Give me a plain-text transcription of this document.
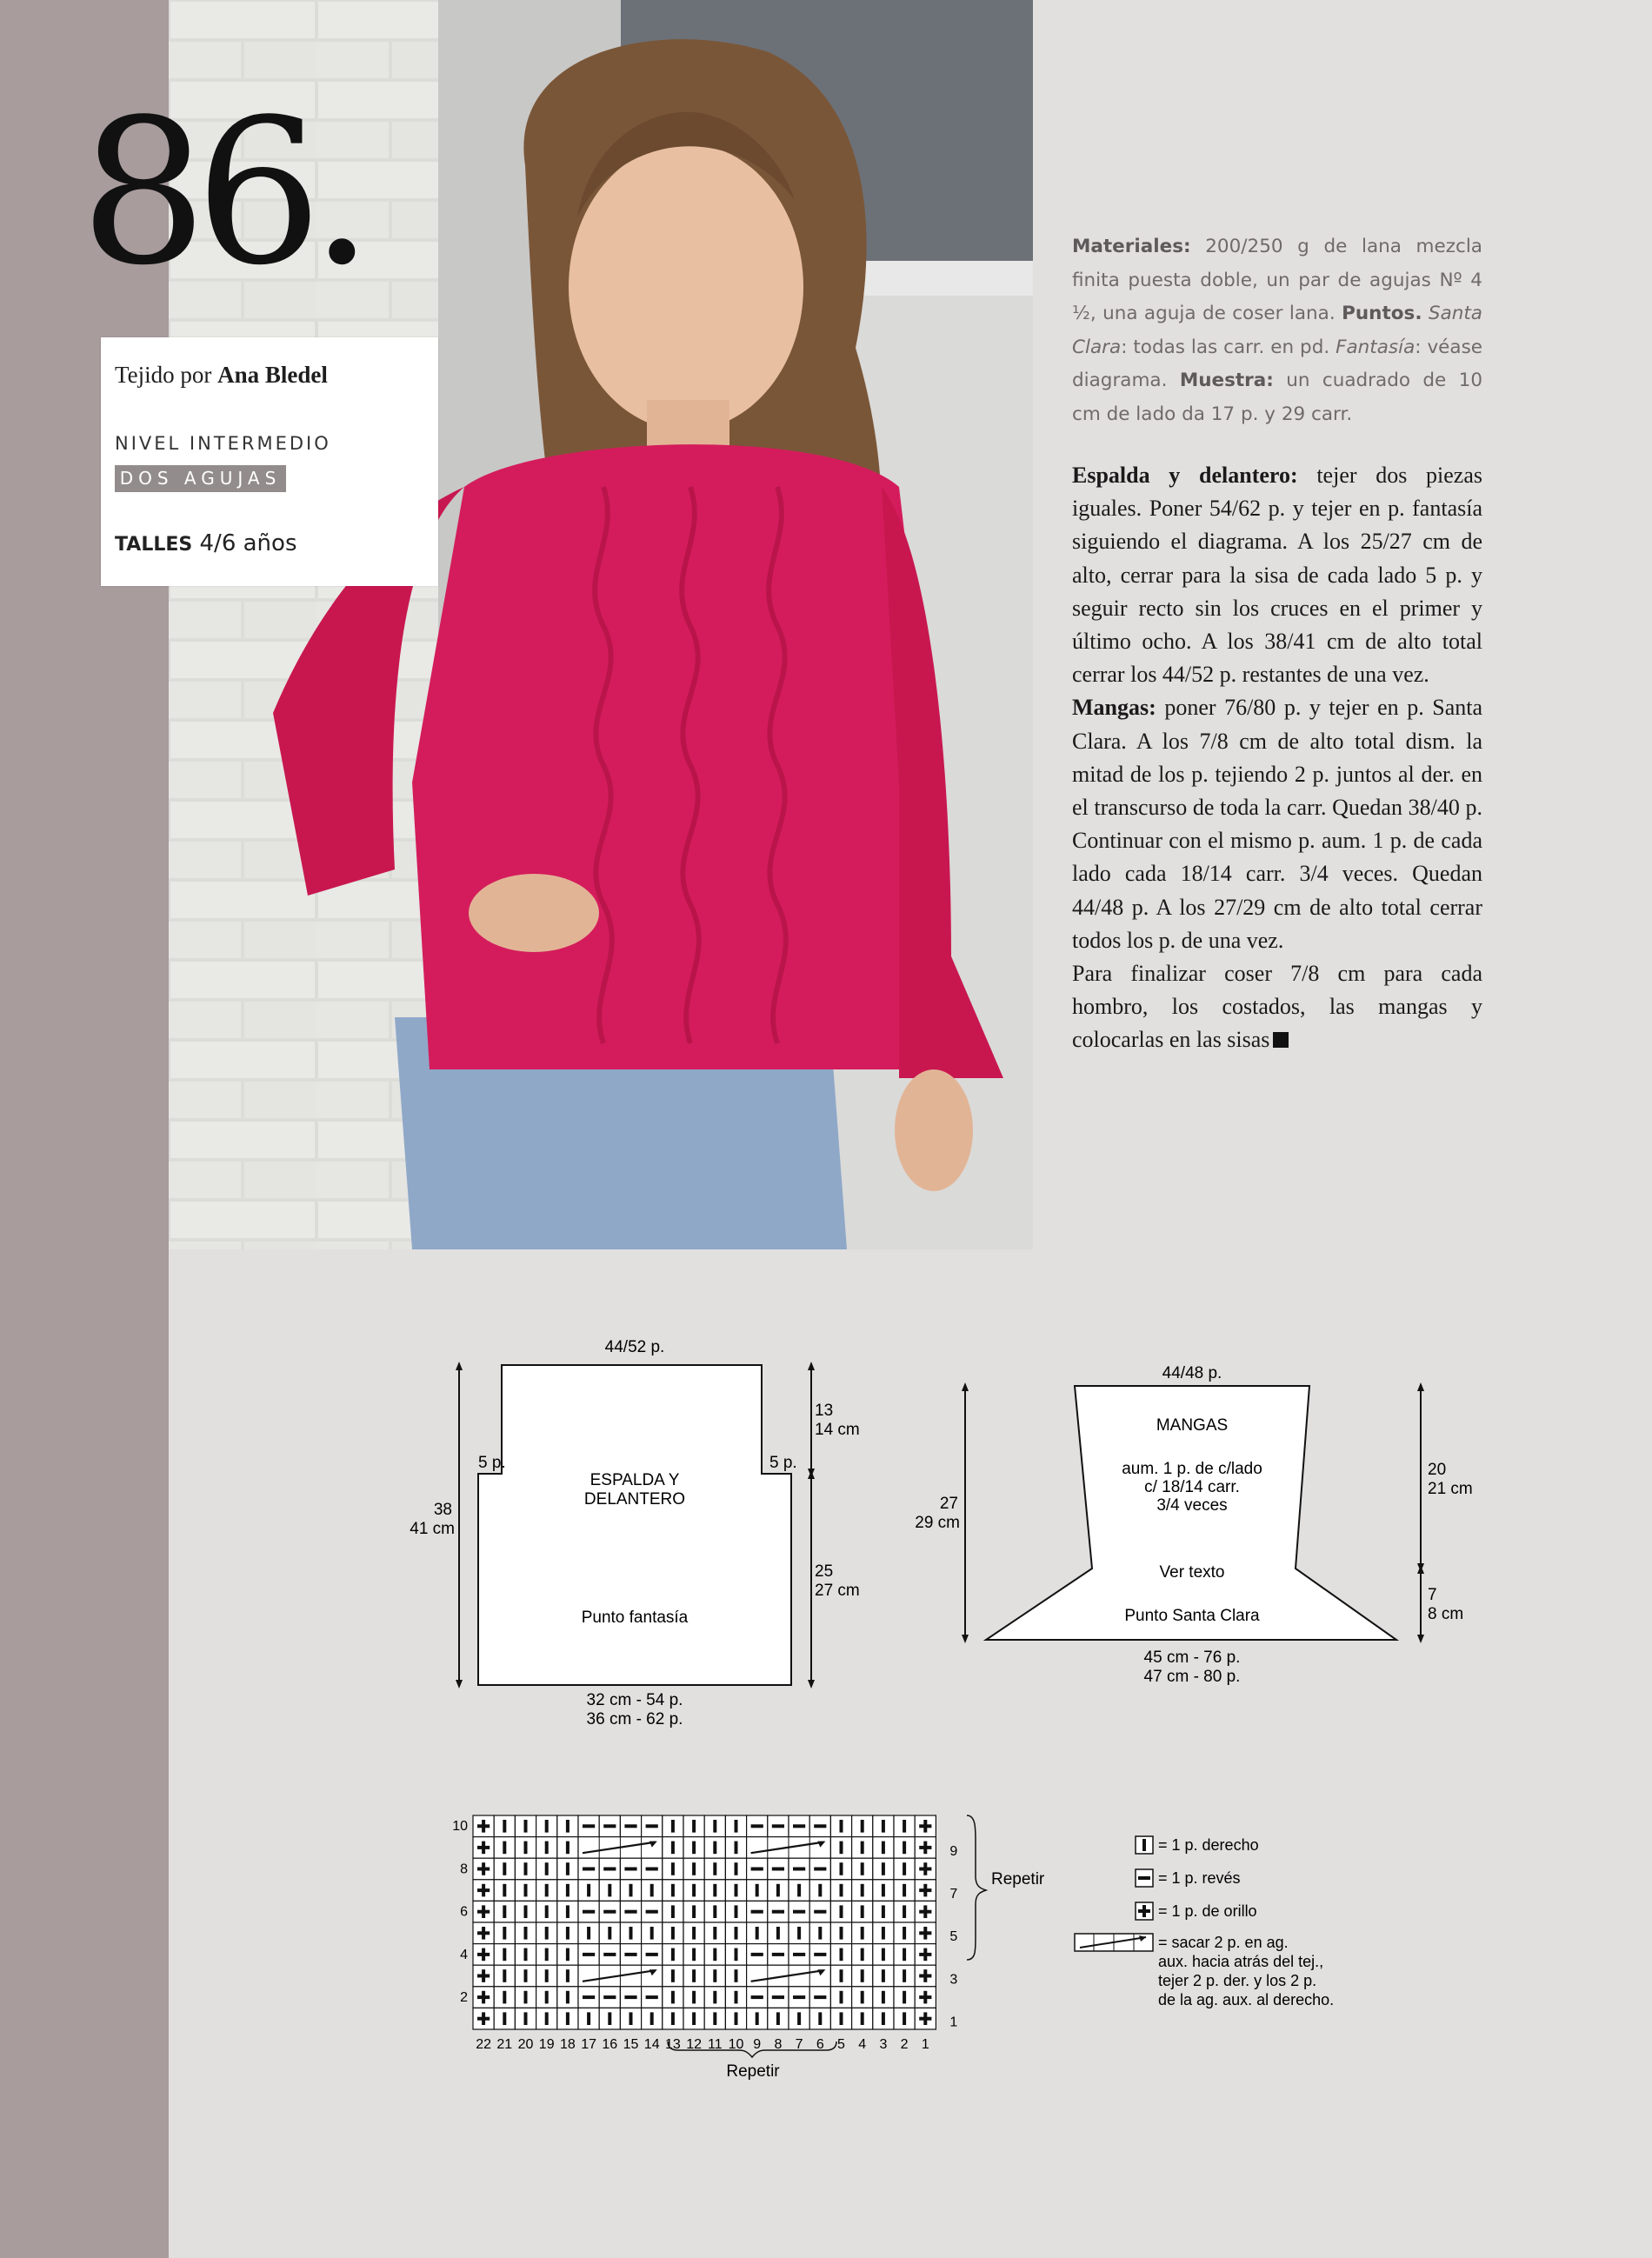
86.
Tejido por Ana Bledel
NIVEL INTERMEDIO
DOS AGUJAS
TALLES 4/6 años
Materiales: 200/250 g de lana mezcla finita puesta doble, un par de agujas Nº 4 ½, una aguja de coser lana. Puntos. Santa Clara: todas las carr. en pd. Fantasía: véase diagrama. Muestra: un cuadrado de 10 cm de lado da 17 p. y 29 carr.

Espalda y delantero: tejer dos piezas iguales. Poner 54/62 p. y tejer en p. fantasía siguiendo el diagrama. A los 25/27 cm de alto, cerrar para la sisa de cada lado 5 p. y seguir recto sin los cruces en el primer y último ocho. A los 38/41 cm de alto total cerrar los 44/52 p. restantes de una vez.

Mangas: poner 76/80 p. y tejer en p. Santa Clara. A los 7/8 cm de alto total dism. la mitad de los p. tejiendo 2 p. juntos al der. en el transcurso de toda la carr. Quedan 38/40 p. Continuar con el mismo p. aum. 1 p. de cada lado cada 18/14 carr. 3/4 veces. Quedan 44/48 p. A los 27/29 cm de alto total cerrar todos los p. de una vez.

Para finalizar coser 7/8 cm para cada hombro, los costados, las mangas y colocarlas en las sisas

44/52 p.
5 p.	5 p.
ESPALDA Y
DELANTERO
Punto fantasía
38
41 cm
13
14 cm
25
27 cm
32 cm - 54 p.
36 cm - 62 p.
44/48 p.
MANGAS
aum. 1 p. de c/lado
c/ 18/14 carr.
3/4 veces
Ver texto
Punto Santa Clara
27
29 cm
20
21 cm
7
8 cm
45 cm - 76 p.
47 cm - 80 p.
10
8
6
4
2
9
7
5
3
1
22 21 20 19 18 17 16 15 14 13 12 11 10 9 8 7 6 5 4 3 2 1
Repetir
Repetir
= 1 p. derecho
= 1 p. revés
= 1 p. de orillo
= sacar 2 p. en ag.
aux. hacia atrás del tej.,
tejer 2 p. der. y los 2 p.
de la ag. aux. al derecho.
